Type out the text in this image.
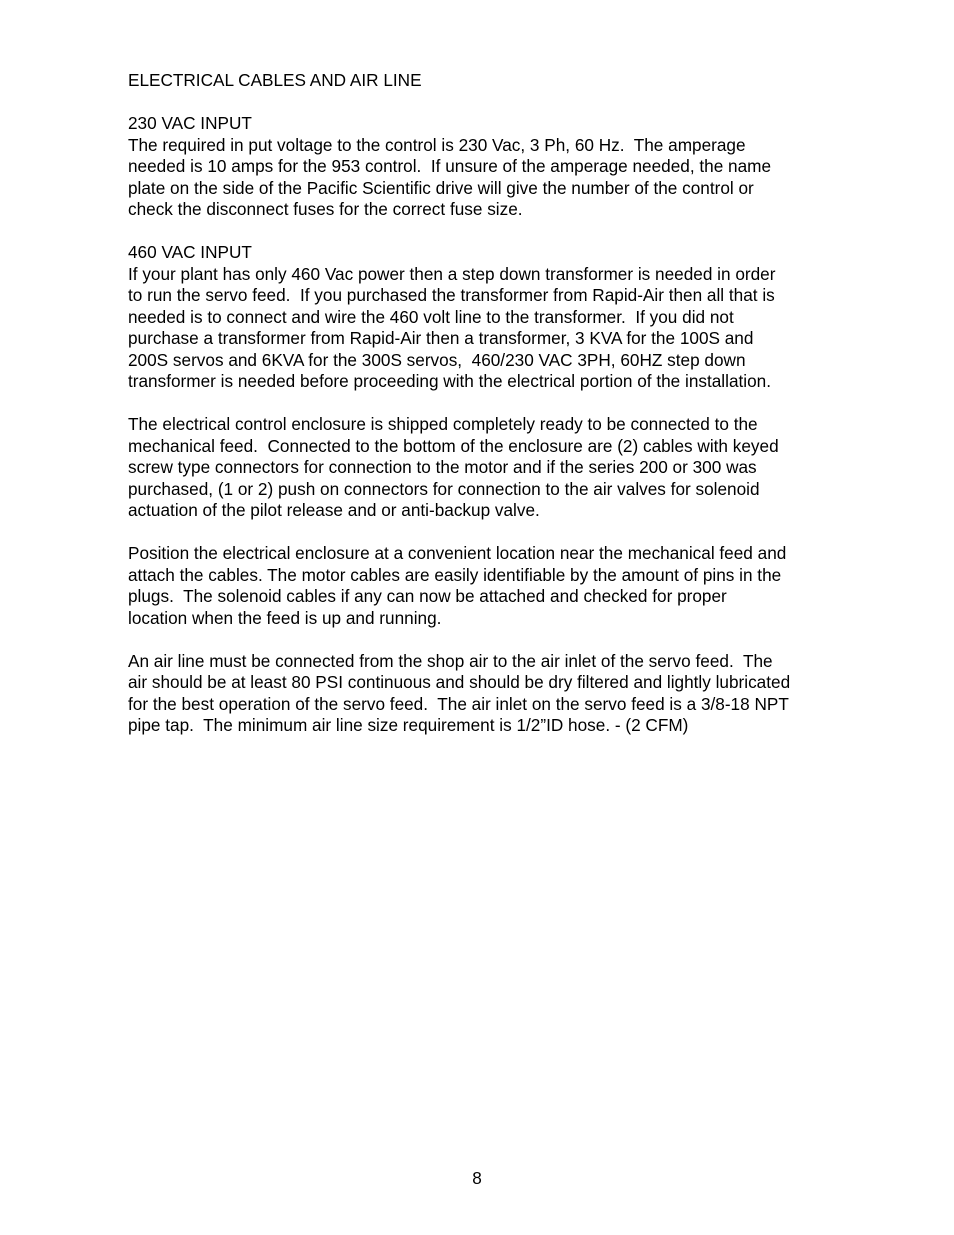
ELECTRICAL CABLES AND AIR LINE
230 VAC INPUT
The required in put voltage to the control is 230 Vac, 3 Ph, 60 Hz.  The amperage
needed is 10 amps for the 953 control.  If unsure of the amperage needed, the name
plate on the side of the Pacific Scientific drive will give the number of the control or
check the disconnect fuses for the correct fuse size.
460 VAC INPUT
If your plant has only 460 Vac power then a step down transformer is needed in order
to run the servo feed.  If you purchased the transformer from Rapid-Air then all that is
needed is to connect and wire the 460 volt line to the transformer.  If you did not
purchase a transformer from Rapid-Air then a transformer, 3 KVA for the 100S and
200S servos and 6KVA for the 300S servos,  460/230 VAC 3PH, 60HZ step down
transformer is needed before proceeding with the electrical portion of the installation.
The electrical control enclosure is shipped completely ready to be connected to the
mechanical feed.  Connected to the bottom of the enclosure are (2) cables with keyed
screw type connectors for connection to the motor and if the series 200 or 300 was
purchased, (1 or 2) push on connectors for connection to the air valves for solenoid
actuation of the pilot release and or anti-backup valve.
Position the electrical enclosure at a convenient location near the mechanical feed and
attach the cables. The motor cables are easily identifiable by the amount of pins in the
plugs.  The solenoid cables if any can now be attached and checked for proper
location when the feed is up and running.
An air line must be connected from the shop air to the air inlet of the servo feed.  The
air should be at least 80 PSI continuous and should be dry filtered and lightly lubricated
for the best operation of the servo feed.  The air inlet on the servo feed is a 3/8-18 NPT
pipe tap.  The minimum air line size requirement is 1/2”ID hose. - (2 CFM)
8
